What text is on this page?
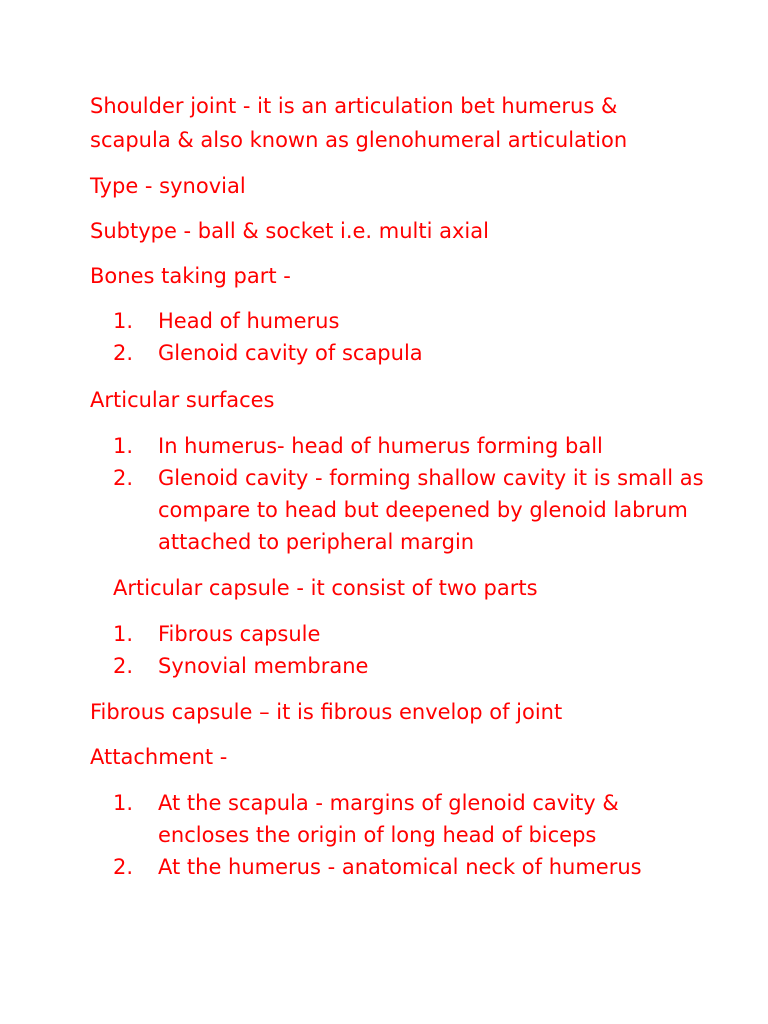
Shoulder joint - it is an articulation bet humerus &

scapula & also known as glenohumeral articulation

Type - synovial

Subtype - ball & socket i.e. multi axial

Bones taking part -

1. Head of humerus
2. Glenoid cavity of scapula

Articular surfaces

1. In humerus- head of humerus forming ball
2. Glenoid cavity - forming shallow cavity it is small as compare to head but deepened by glenoid labrum attached to peripheral margin

Articular capsule - it consist of two parts

1. Fibrous capsule
2. Synovial membrane

Fibrous capsule – it is fibrous envelop of joint

Attachment -

1. At the scapula - margins of glenoid cavity & encloses the origin of long head of biceps
2. At the humerus - anatomical neck of humerus
